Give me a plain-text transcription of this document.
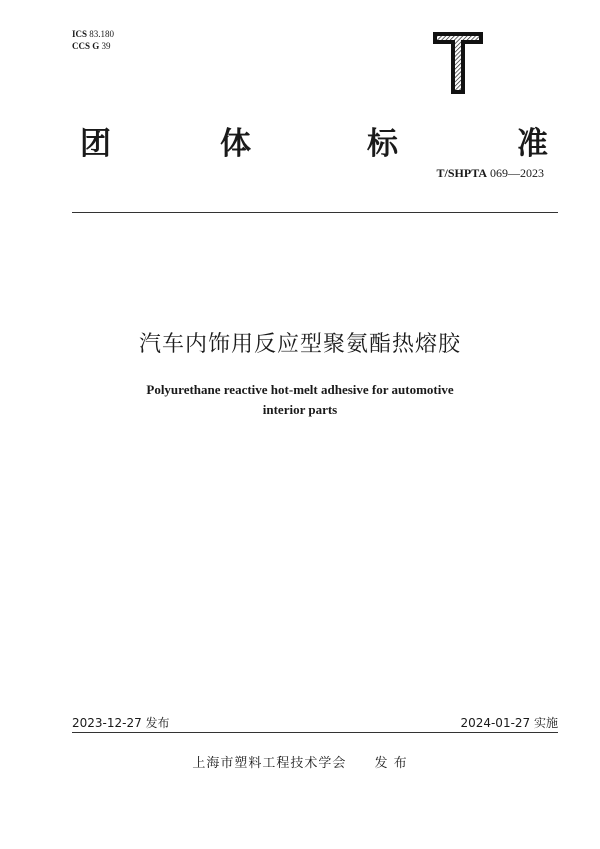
ICS 83.180
CCS G 39
团	体	标	准
T/SHPTA 069—2023
汽车内饰用反应型聚氨酯热熔胶
Polyurethane reactive hot-melt adhesive for automotive
interior parts
2023-12-27 发布	2024-01-27 实施
上海市塑料工程技术学会 发 布
